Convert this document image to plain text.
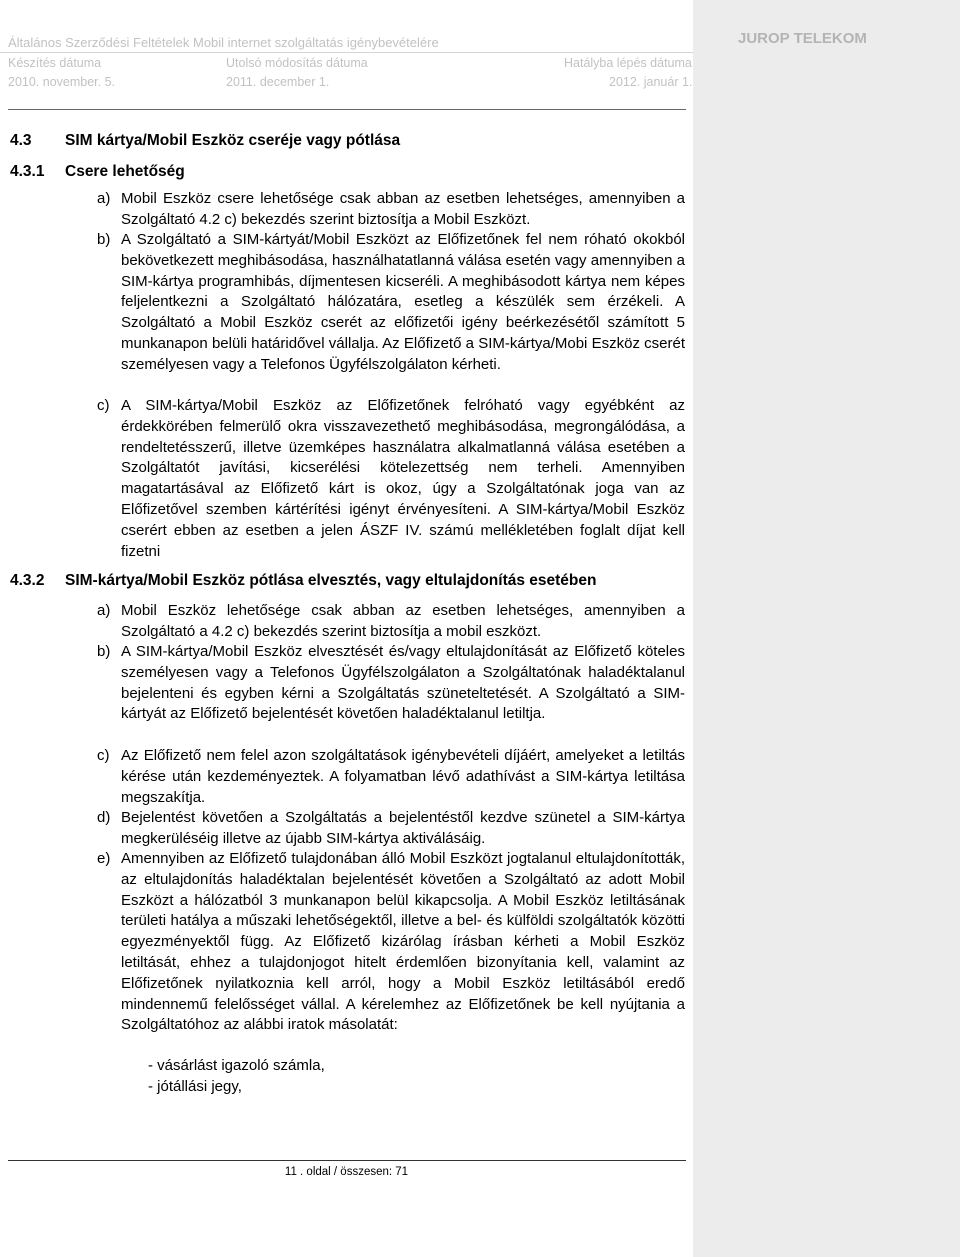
JUROP TELEKOM
Általános Szerződési Feltételek Mobil internet szolgáltatás igénybevételére
Készítés dátuma	Utolsó módosítás dátuma	Hatályba lépés dátuma
2010. november. 5.	2011. december 1.	2012. január 1.
4.3 SIM kártya/Mobil Eszköz cseréje vagy pótlása
4.3.1 Csere lehetőség
a) Mobil Eszköz csere lehetősége csak abban az esetben lehetséges, amennyiben a Szolgáltató 4.2 c) bekezdés szerint biztosítja a Mobil Eszközt.
b) A Szolgáltató a SIM-kártyát/Mobil Eszközt az Előfizetőnek fel nem róható okokból bekövetkezett meghibásodása, használhatatlanná válása esetén vagy amennyiben a SIM-kártya programhibás, díjmentesen kicseréli. A meghibásodott kártya nem képes feljelentkezni a Szolgáltató hálózatára, esetleg a készülék sem érzékeli. A Szolgáltató a Mobil Eszköz cserét az előfizetői igény beérkezésétől számított 5 munkanapon belüli határidővel vállalja. Az Előfizető a SIM-kártya/Mobi Eszköz cserét személyesen vagy a Telefonos Ügyfélszolgálaton kérheti.
c) A SIM-kártya/Mobil Eszköz az Előfizetőnek felróható vagy egyébként az érdekkörében felmerülő okra visszavezethető meghibásodása, megrongálódása, a rendeltetésszerű, illetve üzemképes használatra alkalmatlanná válása esetében a Szolgáltatót javítási, kicserélési kötelezettség nem terheli. Amennyiben magatartásával az Előfizető kárt is okoz, úgy a Szolgáltatónak joga van az Előfizetővel szemben kártérítési igényt érvényesíteni. A SIM-kártya/Mobil Eszköz cserért ebben az esetben a jelen ÁSZF IV. számú mellékletében foglalt díjat kell fizetni
4.3.2 SIM-kártya/Mobil Eszköz pótlása elvesztés, vagy eltulajdonítás esetében
a) Mobil Eszköz lehetősége csak abban az esetben lehetséges, amennyiben a Szolgáltató a 4.2 c) bekezdés szerint biztosítja a mobil eszközt.
b) A SIM-kártya/Mobil Eszköz elvesztését és/vagy eltulajdonítását az Előfizető köteles személyesen vagy a Telefonos Ügyfélszolgálaton a Szolgáltatónak haladéktalanul bejelenteni és egyben kérni a Szolgáltatás szüneteltetését. A Szolgáltató a SIM-kártyát az Előfizető bejelentését követően haladéktalanul letiltja.
c) Az Előfizető nem felel azon szolgáltatások igénybevételi díjáért, amelyeket a letiltás kérése után kezdeményeztek. A folyamatban lévő adathívást a SIM-kártya letiltása megszakítja.
d) Bejelentést követően a Szolgáltatás a bejelentéstől kezdve szünetel a SIM-kártya megkerüléséig illetve az újabb SIM-kártya aktiválásáig.
e) Amennyiben az Előfizető tulajdonában álló Mobil Eszközt jogtalanul eltulajdonították, az eltulajdonítás haladéktalan bejelentését követően a Szolgáltató az adott Mobil Eszközt a hálózatból 3 munkanapon belül kikapcsolja. A Mobil Eszköz letiltásának területi hatálya a műszaki lehetőségektől, illetve a bel- és külföldi szolgáltatók közötti egyezményektől függ. Az Előfizető kizárólag írásban kérheti a Mobil Eszköz letiltását, ehhez a tulajdonjogot hitelt érdemlően bizonyítania kell, valamint az Előfizetőnek nyilatkoznia kell arról, hogy a Mobil Eszköz letiltásából eredő mindennemű felelősséget vállal. A kérelemhez az Előfizetőnek be kell nyújtania a Szolgáltatóhoz az alábbi iratok másolatát:
- vásárlást igazoló számla,
- jótállási jegy,
11 . oldal / összesen: 71
